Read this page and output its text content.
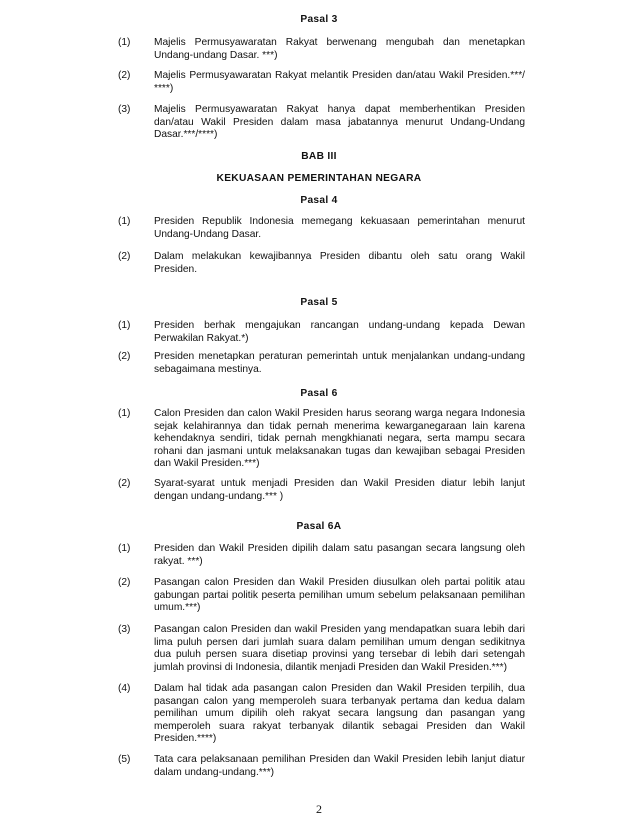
Pasal 3
(1) Majelis Permusyawaratan Rakyat berwenang mengubah dan menetapkan Undang-undang Dasar. ***)
(2) Majelis Permusyawaratan Rakyat melantik Presiden dan/atau Wakil Presiden.***/ ****)
(3) Majelis Permusyawaratan Rakyat hanya dapat memberhentikan Presiden dan/atau Wakil Presiden dalam masa jabatannya menurut Undang-Undang Dasar.***/****)
BAB III
KEKUASAAN PEMERINTAHAN NEGARA
Pasal 4
(1) Presiden Republik Indonesia memegang kekuasaan pemerintahan menurut Undang-Undang Dasar.
(2) Dalam melakukan kewajibannya Presiden dibantu oleh satu orang Wakil Presiden.
Pasal 5
(1) Presiden berhak mengajukan rancangan undang-undang kepada Dewan Perwakilan Rakyat.*)
(2) Presiden menetapkan peraturan pemerintah untuk menjalankan undang-undang sebagaimana mestinya.
Pasal 6
(1) Calon Presiden dan calon Wakil Presiden harus seorang warga negara Indonesia sejak kelahirannya dan tidak pernah menerima kewarganegaraan lain karena kehendaknya sendiri, tidak pernah mengkhianati negara, serta mampu secara rohani dan jasmani untuk melaksanakan tugas dan kewajiban sebagai Presiden dan Wakil Presiden.***)
(2) Syarat-syarat untuk menjadi Presiden dan Wakil Presiden diatur lebih lanjut dengan undang-undang.*** )
Pasal 6A
(1) Presiden dan Wakil Presiden dipilih dalam satu pasangan secara langsung oleh rakyat. ***)
(2) Pasangan calon Presiden dan Wakil Presiden diusulkan oleh partai politik atau gabungan partai politik peserta pemilihan umum sebelum pelaksanaan pemilihan umum.***)
(3) Pasangan calon Presiden dan wakil Presiden yang mendapatkan suara lebih dari lima puluh persen dari jumlah suara dalam pemilihan umum dengan sedikitnya dua puluh persen suara disetiap provinsi yang tersebar di lebih dari setengah jumlah provinsi di Indonesia, dilantik menjadi Presiden dan Wakil Presiden.***)
(4) Dalam hal tidak ada pasangan calon Presiden dan Wakil Presiden terpilih, dua pasangan calon yang memperoleh suara terbanyak pertama dan kedua dalam pemilihan umum dipilih oleh rakyat secara langsung dan pasangan yang memperoleh suara rakyat terbanyak dilantik sebagai Presiden dan Wakil Presiden.****)
(5) Tata cara pelaksanaan pemilihan Presiden dan Wakil Presiden lebih lanjut diatur dalam undang-undang.***)
2
